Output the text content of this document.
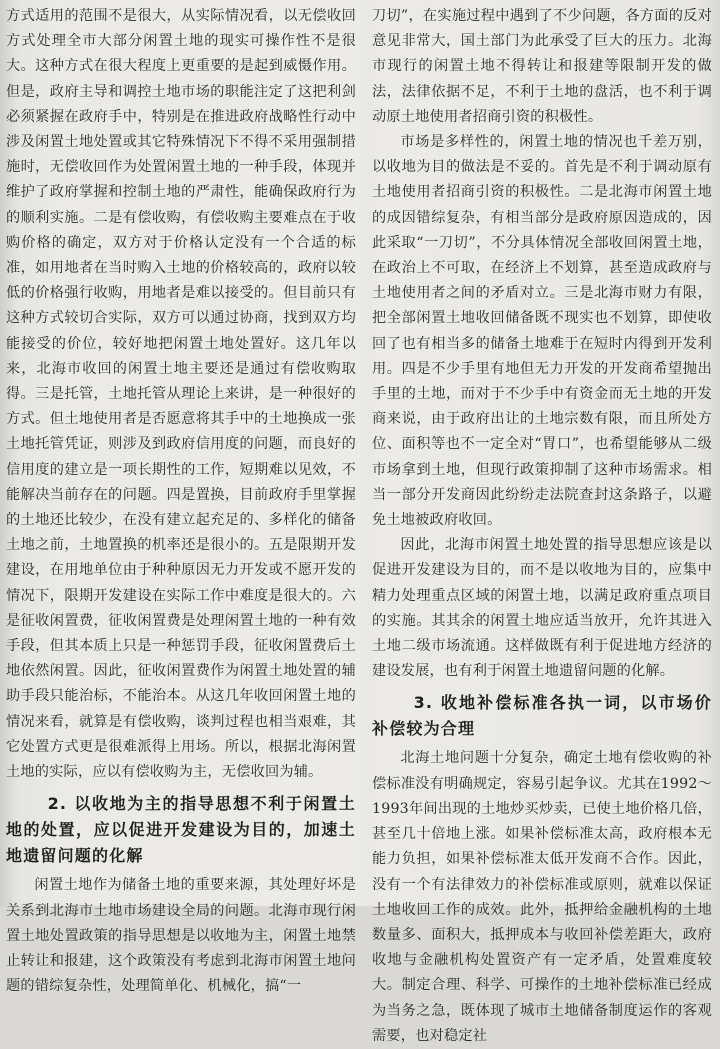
方式适用的范围不是很大，从实际情况看，以无偿收回方式处理全市大部分闲置土地的现实可操作性不是很大。这种方式在很大程度上更重要的是起到威慑作用。但是，政府主导和调控土地市场的职能注定了这把利剑必须紧握在政府手中，特别是在推进政府战略性行动中涉及闲置土地处置或其它特殊情况下不得不采用强制措施时，无偿收回作为处置闲置土地的一种手段，体现并维护了政府掌握和控制土地的严肃性，能确保政府行为的顺利实施。二是有偿收购，有偿收购主要难点在于收购价格的确定，双方对于价格认定没有一个合适的标准，如用地者在当时购入土地的价格较高的，政府以较低的价格强行收购，用地者是难以接受的。但目前只有这种方式较切合实际，双方可以通过协商，找到双方均能接受的价位，较好地把闲置土地处置好。这几年以来，北海市收回的闲置土地主要还是通过有偿收购取得。三是托管，土地托管从理论上来讲，是一种很好的方式。但土地使用者是否愿意将其手中的土地换成一张土地托管凭证，则涉及到政府信用度的问题，而良好的信用度的建立是一项长期性的工作，短期难以见效，不能解决当前存在的问题。四是置换，目前政府手里掌握的土地还比较少，在没有建立起充足的、多样化的储备土地之前，土地置换的机率还是很小的。五是限期开发建设，在用地单位由于种种原因无力开发或不愿开发的情况下，限期开发建设在实际工作中难度是很大的。六是征收闲置费，征收闲置费是处理闲置土地的一种有效手段，但其本质上只是一种惩罚手段，征收闲置费后土地依然闲置。因此，征收闲置费作为闲置土地处置的辅助手段只能治标，不能治本。从这几年收回闲置土地的情况来看，就算是有偿收购，谈判过程也相当艰难，其它处置方式更是很难派得上用场。所以，根据北海闲置土地的实际，应以有偿收购为主，无偿收回为辅。

2. 以收地为主的指导思想不利于闲置土地的处置，应以促进开发建设为目的，加速土地遗留问题的化解

闲置土地作为储备土地的重要来源，其处理好坏是关系到北海市土地市场建设全局的问题。北海市现行闲置土地处置政策的指导思想是以收地为主，闲置土地禁止转让和报建，这个政策没有考虑到北海市闲置土地问题的错综复杂性，处理简单化、机械化，搞“一

刀切”，在实施过程中遇到了不少问题，各方面的反对意见非常大，国土部门为此承受了巨大的压力。北海市现行的闲置土地不得转让和报建等限制开发的做法，法律依据不足，不利于土地的盘活，也不利于调动原土地使用者招商引资的积极性。

市场是多样性的，闲置土地的情况也千差万别，以收地为目的做法是不妥的。首先是不利于调动原有土地使用者招商引资的积极性。二是北海市闲置土地的成因错综复杂，有相当部分是政府原因造成的，因此采取“一刀切”，不分具体情况全部收回闲置土地，在政治上不可取，在经济上不划算，甚至造成政府与土地使用者之间的矛盾对立。三是北海市财力有限，把全部闲置土地收回储备既不现实也不划算，即使收回了也有相当多的储备土地难于在短时内得到开发利用。四是不少手里有地但无力开发的开发商希望抛出手里的土地，而对于不少手中有资金而无土地的开发商来说，由于政府出让的土地宗数有限，而且所处方位、面积等也不一定全对“胃口”，也希望能够从二级市场拿到土地，但现行政策抑制了这种市场需求。相当一部分开发商因此纷纷走法院查封这条路子，以避免土地被政府收回。

因此，北海市闲置土地处置的指导思想应该是以促进开发建设为目的，而不是以收地为目的，应集中精力处理重点区域的闲置土地，以满足政府重点项目的实施。其其余的闲置土地应适当放开，允许其进入土地二级市场流通。这样做既有利于促进地方经济的建设发展，也有利于闲置土地遗留问题的化解。

3. 收地补偿标准各执一词，以市场价补偿较为合理

北海土地问题十分复杂，确定土地有偿收购的补偿标准没有明确规定，容易引起争议。尤其在1992～1993年间出现的土地炒买炒卖，已使土地价格几倍，甚至几十倍地上涨。如果补偿标准太高，政府根本无能力负担，如果补偿标准太低开发商不合作。因此，没有一个有法律效力的补偿标准或原则，就难以保证土地收回工作的成效。此外，抵押给金融机构的土地数量多、面积大，抵押成本与收回补偿差距大，政府收地与金融机构处置资产有一定矛盾，处置难度较大。制定合理、科学、可操作的土地补偿标准已经成为当务之急，既体现了城市土地储备制度运作的客观需要，也对稳定社
